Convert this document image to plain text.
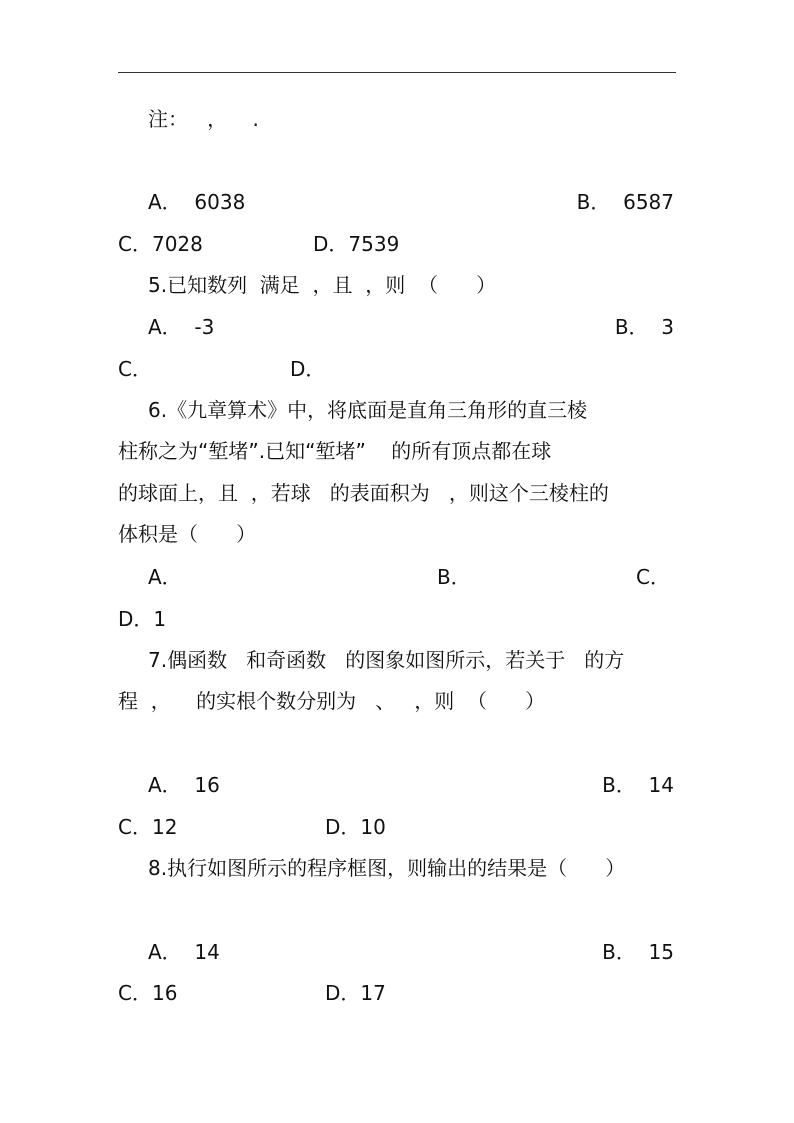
注：   ，    .
A．  6038	B．  6587
C．7028	D．7539
5.已知数列  满足  ，且  ，则  （      ）
A．  -3	B．  3
C．	D．
6.《九章算术》中，将底面是直角三角形的直三棱
柱称之为“堑堵”.已知“堑堵”    的所有顶点都在球
的球面上，且  ，若球   的表面积为   ，则这个三棱柱的
体积是（      ）
A．	B．	C．
D．1
7.偶函数   和奇函数   的图象如图所示，若关于   的方
程  ，    的实根个数分别为   、   ，则  （      ）
A．  16	B．  14
C．12	D．10
8.执行如图所示的程序框图，则输出的结果是（      ）
A．  14	B．  15
C．16	D．17
